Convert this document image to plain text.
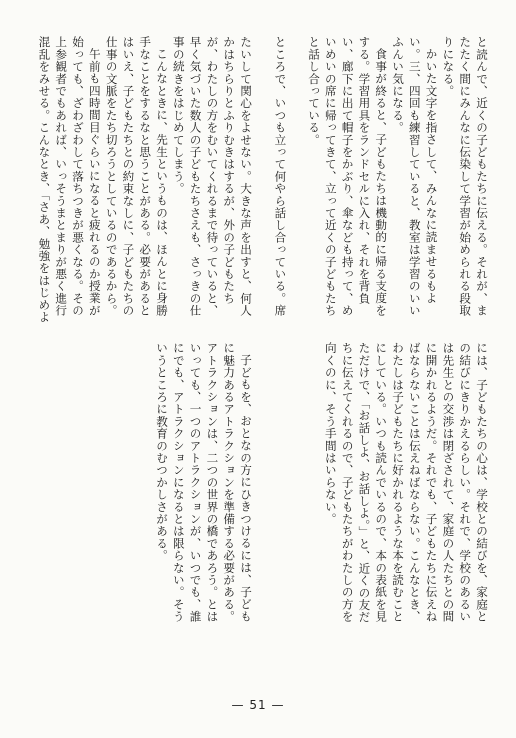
と読んで、近くの子どもたちに伝える。それが、またたく間にみんなに伝染して学習が始められる段取りになる。

かいた文字を指さして、みんなに読ませるもよい。三、四回も練習していると、教室は学習のいいふんい気になる。

食事が終ると、子どもたちは機動的に帰る支度をする。学習用具をランドセルに入れ、それを背負い、廊下に出て帽子をかぶり、傘なども持って、めいめいの席に帰ってきて、立って近くの子どもたちと話し合っている。

ところで、いつも立って何やら話し合っている。席

たいして関心をよせない。大きな声を出すと、何人かはちらりとふりむきはするが、外の子どもたちが、わたしの方をむいてくれるまで待っていると、早く気づいた数人の子どもたちさえも、さっきの仕事の続きをはじめてしまう。

こんなときに、先生というものは、ほんとに身勝手なことをするなと思うことがある。必要があるとはいえ、子どもたちとの約束なしに、子どもたちの仕事の文脈をたち切ろうとしているのであるから。

午前も四時間目ぐらいになると疲れるのか授業が始っても、ざわざわして落ちつきが悪くなる。その上参観者でもあれば、いっそうまとまりが悪く進行混乱をみせる。こんなとき、「さあ、勉強をはじめよ

には、子どもたちの心は、学校との結びを、家庭との結びにきりかえるらしい。それで、学校のあるいは先生との交渉は閉ざされて、家庭の人たちとの間に開かれるようだ。それでも、子どもたちに伝えねばならないことは伝えねばならない。こんなとき、わたしは子どもたちに好かれるような本を読むことにしている。いつも読んでいるので、本の表紙を見ただけで、「お話しよ、お話しよ。」と、近くの友だちに伝えてくれるので、子どもたちがわたしの方を向くのに、そう手間はいらない。

子どもを、おとなの方にひきつけるには、子どもに魅力あるアトラクションを準備する必要がある。アトラクションは、二つの世界の橋であろう。とはいっても、一つのアトラクションが、いつでも、誰にでも、アトラクションになるとは限らない。そういうところに教育のむつかしさがある。

— 51 —
